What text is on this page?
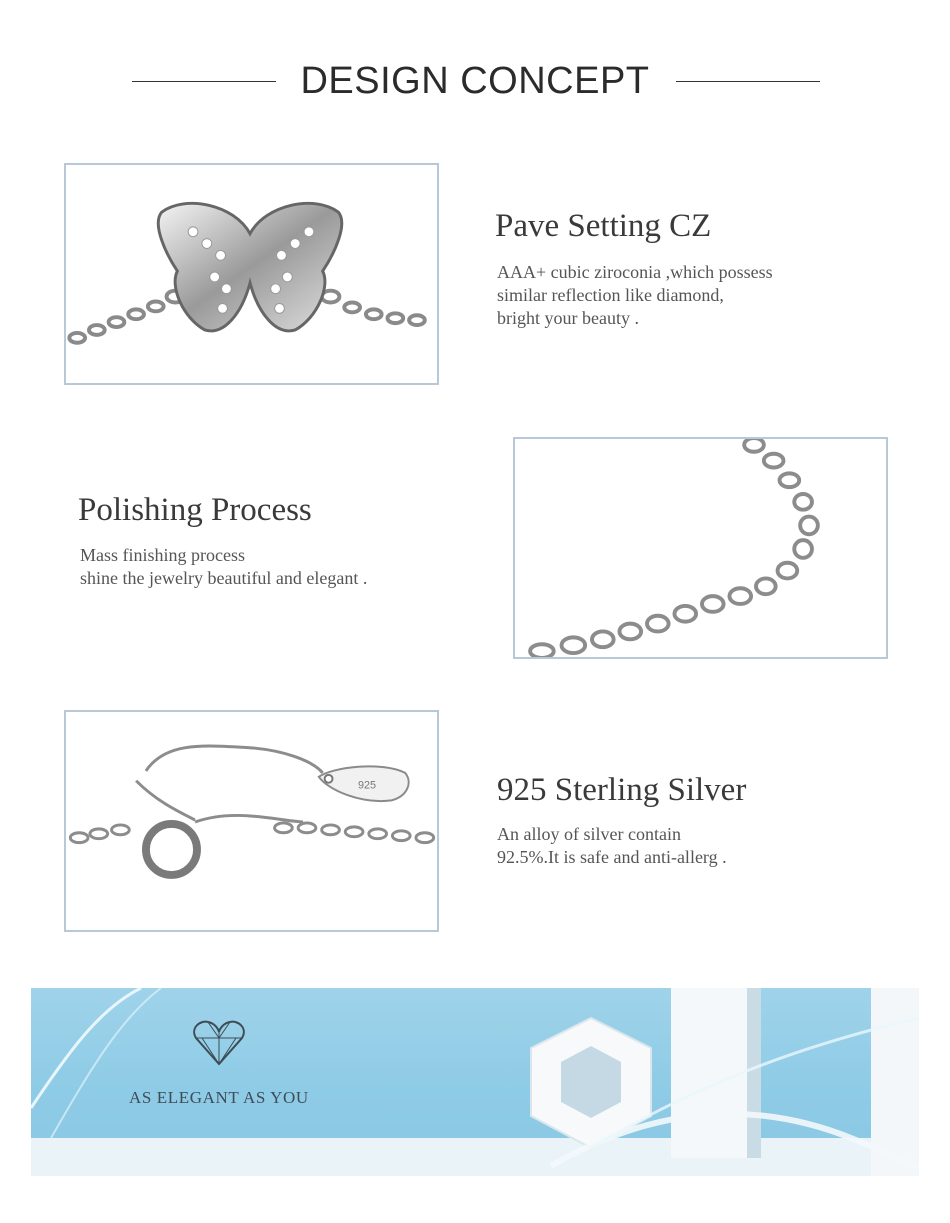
DESIGN CONCEPT
Pave Setting CZ
AAA+ cubic ziroconia ,which possess
similar reflection like diamond,
bright your beauty .
Polishing Process
Mass finishing process
shine the jewelry beautiful and elegant .
925	925 Sterling Silver
An alloy of silver contain
92.5%.It is safe and anti-allerg .
AS ELEGANT AS YOU
